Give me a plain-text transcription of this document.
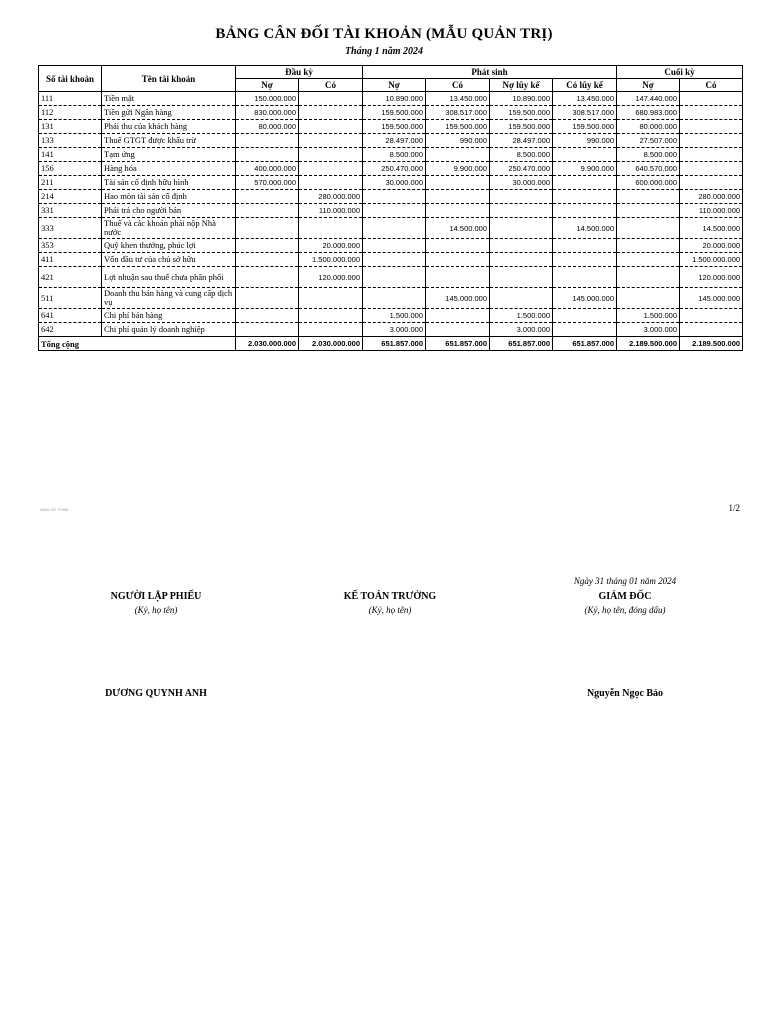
BẢNG CÂN ĐỐI TÀI KHOẢN (MẪU QUẢN TRỊ)
Tháng 1 năm 2024
Số tài khoản	Tên tài khoản	Đầu kỳ		Phát sinh				Cuối kỳ	
		Nợ	Có	Nợ	Có	Nợ lũy kế	Có lũy kế	Nợ	Có
111	Tiền mặt	150.000.000		10.890.000	13.450.000	10.890.000	13.450.000	147.440.000	
112	Tiền gửi Ngân hàng	830.000.000		159.500.000	308.517.000	159.500.000	308.517.000	680.983.000	
131	Phải thu của khách hàng	80.000.000		159.500.000	159.500.000	159.500.000	159.500.000	80.000.000	
133	Thuế GTGT được khấu trừ			28.497.000	990.000	28.497.000	990.000	27.507.000	
141	Tạm ứng			8.500.000		8.500.000		8.500.000	
156	Hàng hóa	400.000.000		250.470.000	9.900.000	250.470.000	9.900.000	640.570.000	
211	Tài sản cố định hữu hình	570.000.000		30.000.000		30.000.000		600.000.000	
214	Hao mòn tài sản cố định		280.000.000						280.000.000
331	Phải trả cho người bán		110.000.000						110.000.000
333	Thuế và các khoản phải nộp Nhà nước				14.500.000		14.500.000		14.500.000
353	Quỹ khen thưởng, phúc lợi		20.000.000						20.000.000
411	Vốn đầu tư của chủ sở hữu		1.500.000.000						1.500.000.000
421	Lợi nhuận sau thuế chưa phân phối		120.000.000						120.000.000
511	Doanh thu bán hàng và cung cấp dịch vụ				145.000.000		145.000.000		145.000.000
641	Chi phí bán hàng			1.500.000		1.500.000		1.500.000	
642	Chi phí quản lý doanh nghiệp			3.000.000		3.000.000		3.000.000	
Tổng cộng		2.030.000.000	2.030.000.000	651.857.000	651.857.000	651.857.000	651.857.000	2.189.500.000	2.189.500.000
AMIS KẾ TOÁN	1/2
Ngày 31 tháng 01 năm 2024
NGƯỜI LẬP PHIẾU
(Ký, họ tên)
KẾ TOÁN TRƯỞNG
(Ký, họ tên)
GIÁM ĐỐC
(Ký, họ tên, đóng dấu)
DƯƠNG QUYNH ANH	Nguyễn Ngọc Bảo
